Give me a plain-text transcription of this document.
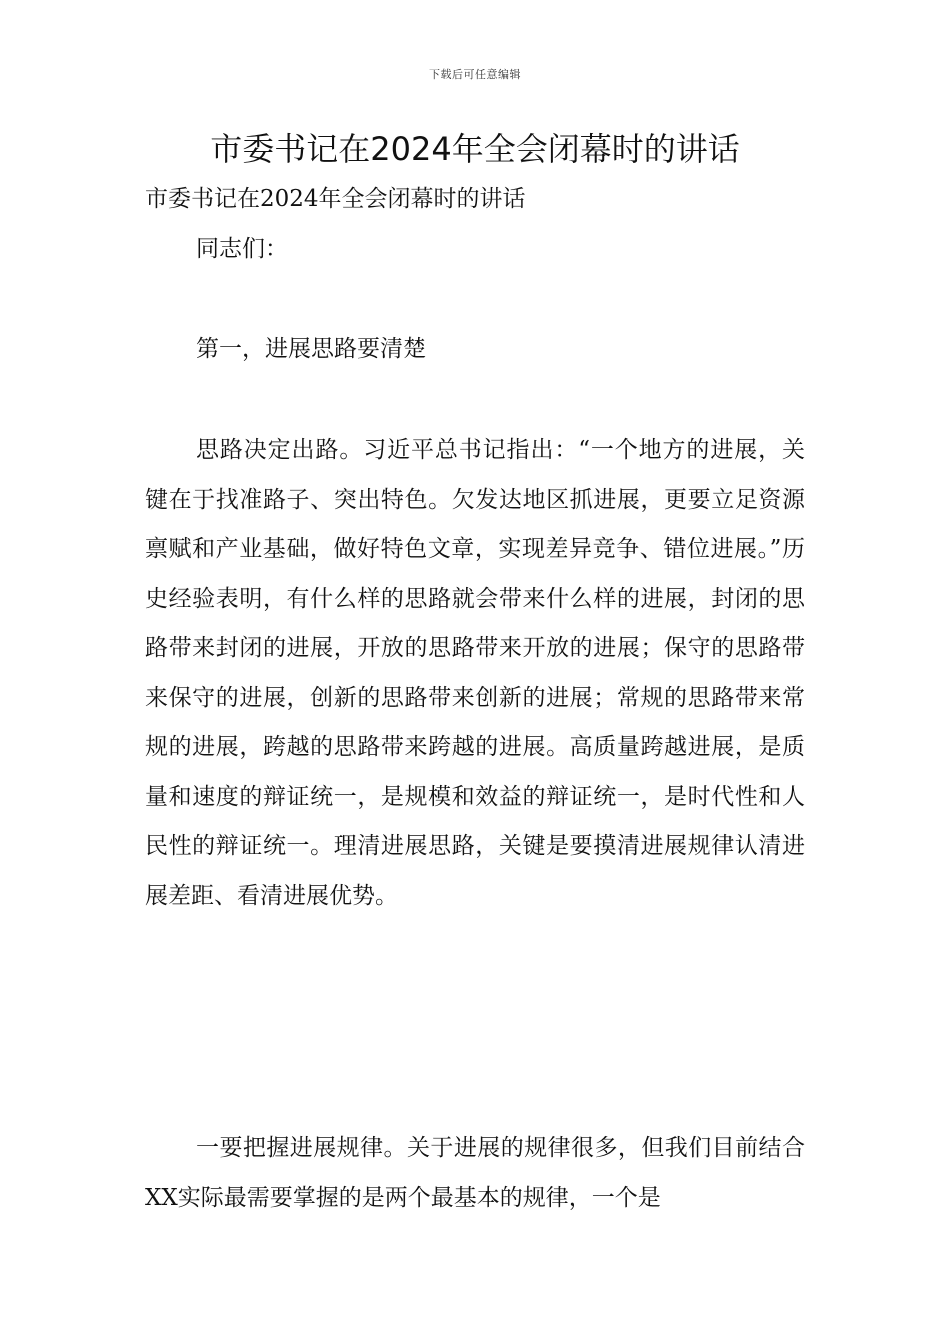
下载后可任意编辑
市委书记在2024年全会闭幕时的讲话
市委书记在2024年全会闭幕时的讲话
同志们：
第一，进展思路要清楚

思路决定出路。习近平总书记指出：“一个地方的进展，关键在于找准路子、突出特色。欠发达地区抓进展，更要立足资源禀赋和产业基础，做好特色文章，实现差异竞争、错位进展。”历史经验表明，有什么样的思路就会带来什么样的进展，封闭的思路带来封闭的进展，开放的思路带来开放的进展；保守的思路带来保守的进展，创新的思路带来创新的进展；常规的思路带来常规的进展，跨越的思路带来跨越的进展。高质量跨越进展，是质量和速度的辩证统一，是规模和效益的辩证统一，是时代性和人民性的辩证统一。理清进展思路，关键是要摸清进展规律认清进展差距、看清进展优势。

一要把握进展规律。关于进展的规律很多，但我们目前结合XX实际最需要掌握的是两个最基本的规律，一个是
